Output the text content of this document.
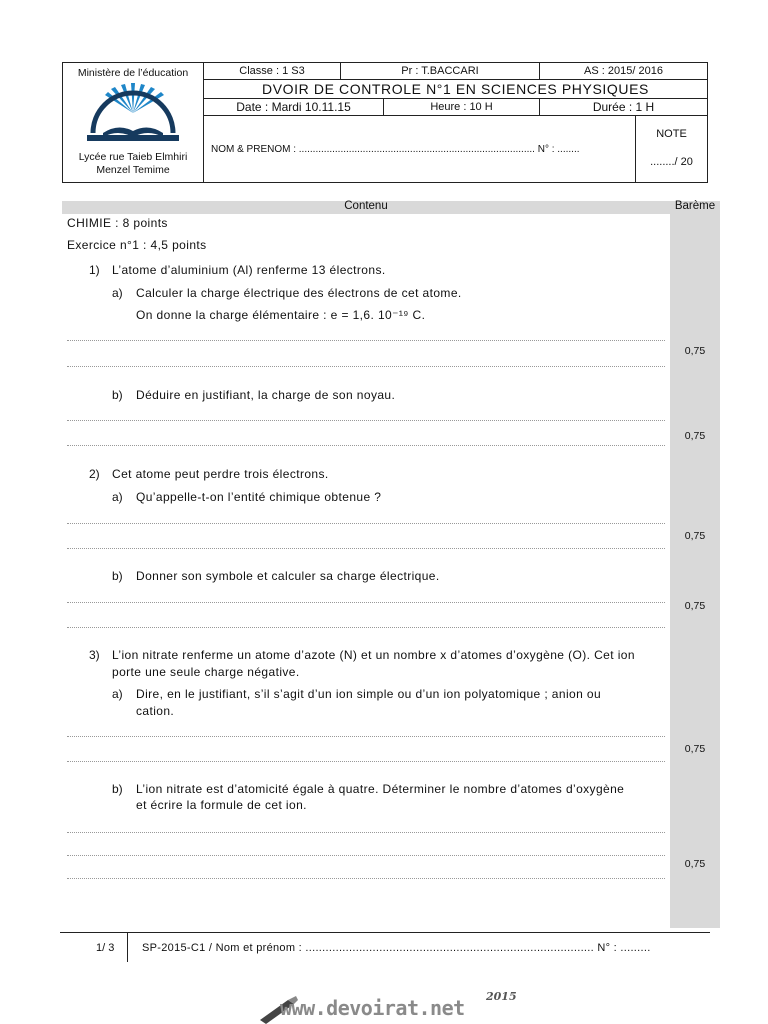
Ministère de l’éducation
Lycée rue Taieb Elmhiri
Menzel Temime
Classe : 1 S3	Pr : T.BACCARI	AS : 2015/ 2016
DVOIR DE CONTROLE N°1 EN SCIENCES PHYSIQUES
Date : Mardi 10.11.15	Heure : 10 H	Durée : 1 H
NOM & PRENOM : ..................................................................................... N° : ........
NOTE
......../ 20
Contenu	Barème
CHIMIE : 8 points
Exercice n°1 : 4,5 points
1) L’atome d’aluminium (Al) renferme 13 électrons.
a) Calculer la charge électrique des électrons de cet atome.
On donne la charge élémentaire : e = 1,6. 10⁻¹⁹ C.
0,75
b) Déduire en justifiant, la charge de son noyau.
0,75
2) Cet atome peut perdre trois électrons.
a) Qu’appelle-t-on l’entité chimique obtenue ?
0,75
b) Donner son symbole et calculer sa charge électrique.
0,75
3) L’ion nitrate renferme un atome d’azote (N) et un nombre x d’atomes d’oxygène (O). Cet ion
porte une seule charge négative.
a) Dire, en le justifiant, s’il s’agit d’un ion simple ou d’un ion polyatomique ; anion ou
cation.
0,75
b) L’ion nitrate est d’atomicité égale à quatre. Déterminer le nombre d’atomes d’oxygène
et écrire la formule de cet ion.
0,75
1/ 3	SP-2015-C1 / Nom et prénom : ...................................................................................... N° : .........
www.devoirat.net 2015
